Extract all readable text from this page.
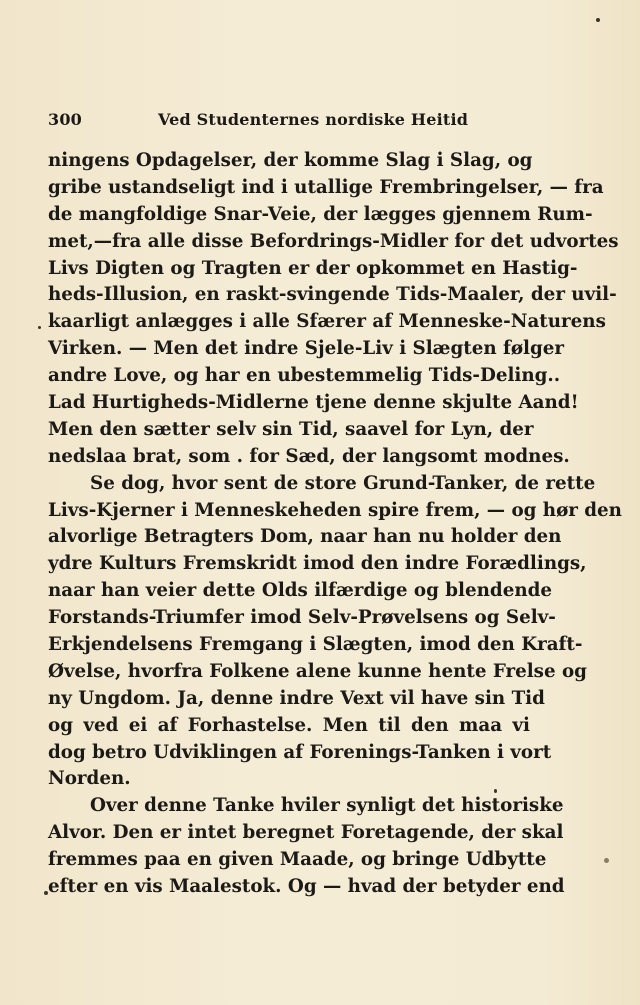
300	Ved Studenternes nordiske Heitid

ningens Opdagelser, der komme Slag i Slag, og
gribe ustandseligt ind i utallige Frembringelser, — fra
de mangfoldige Snar-Veie, der lægges gjennem Rum-
met,—fra alle disse Befordrings-Midler for det udvortes
Livs Digten og Tragten er der opkommet en Hastig-
heds-Illusion, en raskt-svingende Tids-Maaler, der uvil-
kaarligt anlægges i alle Sfærer af Menneske-Naturens
Virken. — Men det indre Sjele-Liv i Slægten følger
andre Love, og har en ubestemmelig Tids-Deling..
Lad Hurtigheds-Midlerne tjene denne skjulte Aand!
Men den sætter selv sin Tid, saavel for Lyn, der
nedslaa brat, som . for Sæd, der langsomt modnes.

Se dog, hvor sent de store Grund-Tanker, de rette
Livs-Kjerner i Menneskeheden spire frem, — og hør den
alvorlige Betragters Dom, naar han nu holder den
ydre Kulturs Fremskridt imod den indre Forædlings,
naar han veier dette Olds ilfærdige og blendende
Forstands-Triumfer imod Selv-Prøvelsens og Selv-
Erkjendelsens Fremgang i Slægten, imod den Kraft-
Øvelse, hvorfra Folkene alene kunne hente Frelse og
ny Ungdom. Ja, denne indre Vext vil have sin Tid
og ved ei af Forhastelse. Men til den maa vi
dog betro Udviklingen af Forenings-Tanken i vort
Norden.

Over denne Tanke hviler synligt det historiske
Alvor. Den er intet beregnet Foretagende, der skal
fremmes paa en given Maade, og bringe Udbytte
efter en vis Maalestok. Og — hvad der betyder end
